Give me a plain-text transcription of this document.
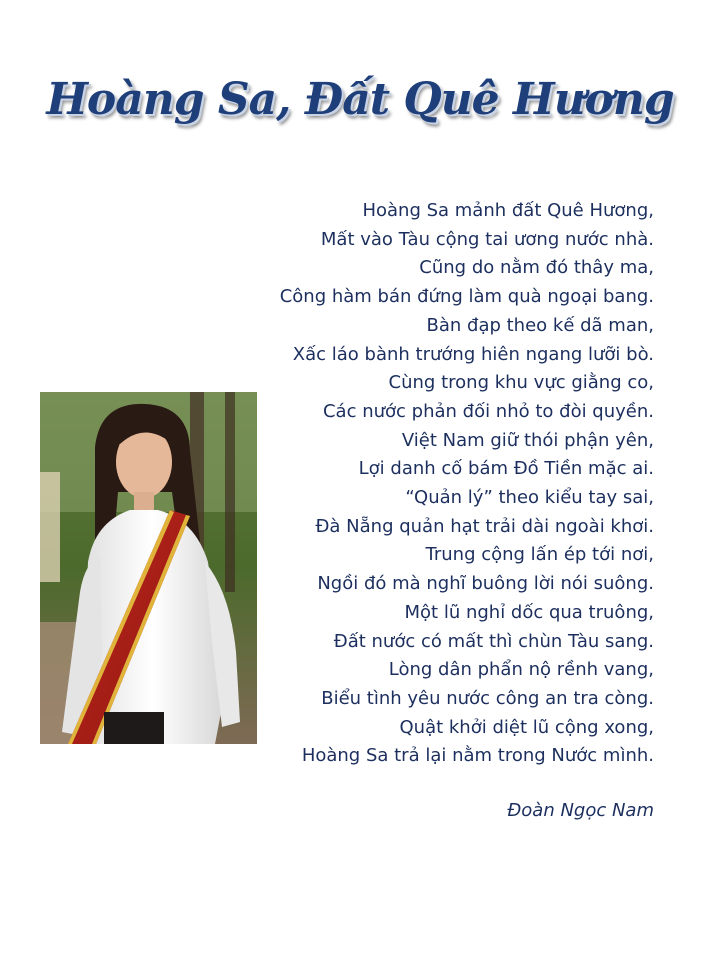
Hoàng Sa, Đất Quê Hương
Hoàng Sa mảnh đất Quê Hương,
Mất vào Tàu cộng tai ương nước nhà.
Cũng do nằm đó thây ma,
Công hàm bán đứng làm quà ngoại bang.
Bàn đạp theo kế dã man,
Xấc láo bành trướng hiên ngang lưỡi bò.
Cùng trong khu vực giằng co,
Các nước phản đối nhỏ to đòi quyền.
Việt Nam giữ thói phận yên,
Lợi danh cố bám Đồ Tiền mặc ai.
“Quản lý” theo kiểu tay sai,
Đà Nẵng quản hạt trải dài ngoài khơi.
Trung cộng lấn ép tới nơi,
Ngồi đó mà nghĩ buông lời nói suông.
Một lũ nghỉ dốc qua truông,
Đất nước có mất thì chùn Tàu sang.
Lòng dân phẩn nộ rềnh vang,
Biểu tình yêu nước công an tra còng.
Quật khởi diệt lũ cộng xong,
Hoàng Sa trả lại nằm trong Nước mình.
Đoàn Ngọc Nam
